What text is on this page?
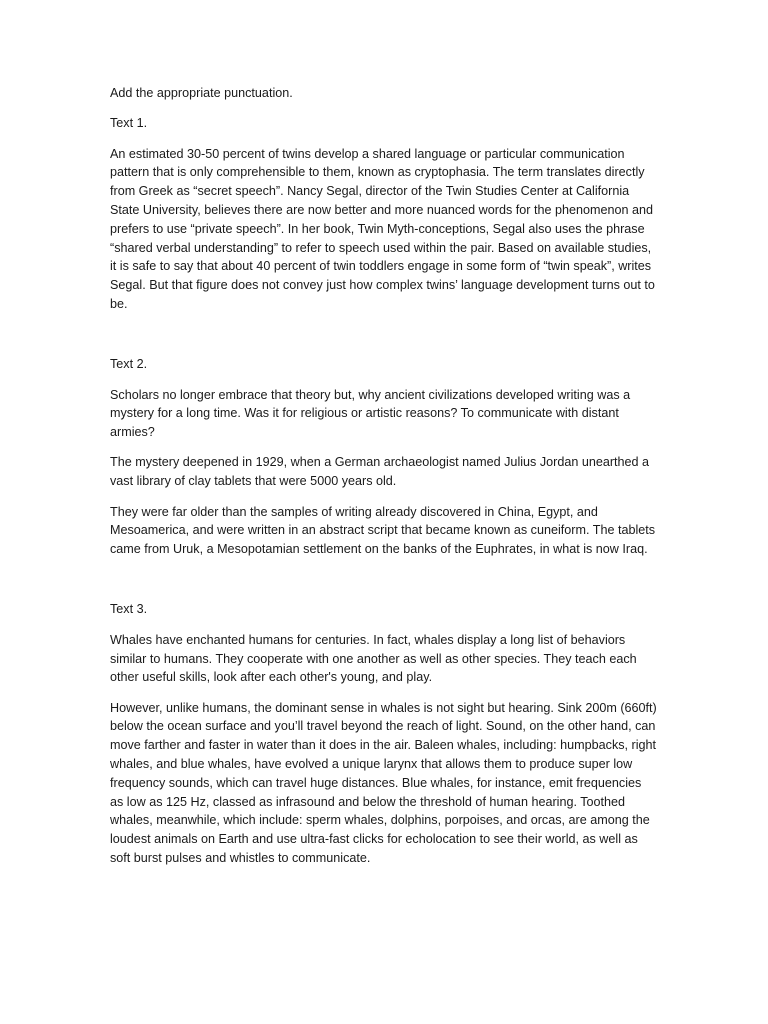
Add the appropriate punctuation.

Text 1.

An estimated 30-50 percent of twins develop a shared language or particular communication pattern that is only comprehensible to them, known as cryptophasia. The term translates directly from Greek as “secret speech”. Nancy Segal, director of the Twin Studies Center at California State University, believes there are now better and more nuanced words for the phenomenon and prefers to use “private speech”. In her book, Twin Myth-conceptions, Segal also uses the phrase “shared verbal understanding” to refer to speech used within the pair. Based on available studies, it is safe to say that about 40 percent of twin toddlers engage in some form of “twin speak”, writes Segal. But that figure does not convey just how complex twins’ language development turns out to be.

Text 2.

Scholars no longer embrace that theory but, why ancient civilizations developed writing was a mystery for a long time. Was it for religious or artistic reasons? To communicate with distant armies?

The mystery deepened in 1929, when a German archaeologist named Julius Jordan unearthed a vast library of clay tablets that were 5000 years old.

They were far older than the samples of writing already discovered in China, Egypt, and Mesoamerica, and were written in an abstract script that became known as cuneiform. The tablets came from Uruk, a Mesopotamian settlement on the banks of the Euphrates, in what is now Iraq.

Text 3.

Whales have enchanted humans for centuries. In fact, whales display a long list of behaviors similar to humans. They cooperate with one another as well as other species. They teach each other useful skills, look after each other's young, and play.

However, unlike humans, the dominant sense in whales is not sight but hearing. Sink 200m (660ft) below the ocean surface and you’ll travel beyond the reach of light. Sound, on the other hand, can move farther and faster in water than it does in the air. Baleen whales, including: humpbacks, right whales, and blue whales, have evolved a unique larynx that allows them to produce super low frequency sounds, which can travel huge distances. Blue whales, for instance, emit frequencies as low as 125 Hz, classed as infrasound and below the threshold of human hearing. Toothed whales, meanwhile, which include: sperm whales, dolphins, porpoises, and orcas, are among the loudest animals on Earth and use ultra-fast clicks for echolocation to see their world, as well as soft burst pulses and whistles to communicate.
